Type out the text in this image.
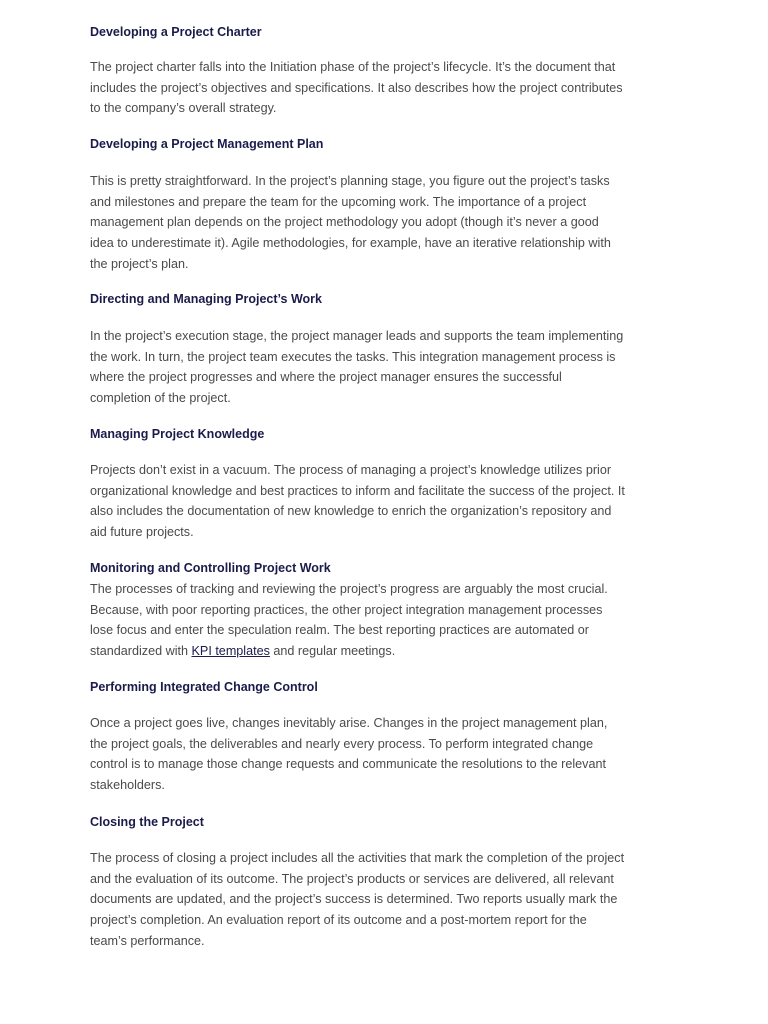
Developing a Project Charter

The project charter falls into the Initiation phase of the project’s lifecycle. It’s the document that
includes the project’s objectives and specifications. It also describes how the project contributes
to the company’s overall strategy.

Developing a Project Management Plan

This is pretty straightforward. In the project’s planning stage, you figure out the project’s tasks
and milestones and prepare the team for the upcoming work. The importance of a project
management plan depends on the project methodology you adopt (though it’s never a good
idea to underestimate it). Agile methodologies, for example, have an iterative relationship with
the project’s plan.

Directing and Managing Project’s Work

In the project’s execution stage, the project manager leads and supports the team implementing
the work. In turn, the project team executes the tasks. This integration management process is
where the project progresses and where the project manager ensures the successful
completion of the project.

Managing Project Knowledge

Projects don’t exist in a vacuum. The process of managing a project’s knowledge utilizes prior
organizational knowledge and best practices to inform and facilitate the success of the project. It
also includes the documentation of new knowledge to enrich the organization’s repository and
aid future projects.

Monitoring and Controlling Project Work

The processes of tracking and reviewing the project’s progress are arguably the most crucial.
Because, with poor reporting practices, the other project integration management processes
lose focus and enter the speculation realm. The best reporting practices are automated or
standardized with KPI templates and regular meetings.

Performing Integrated Change Control

Once a project goes live, changes inevitably arise. Changes in the project management plan,
the project goals, the deliverables and nearly every process. To perform integrated change
control is to manage those change requests and communicate the resolutions to the relevant
stakeholders.

Closing the Project

The process of closing a project includes all the activities that mark the completion of the project
and the evaluation of its outcome. The project’s products or services are delivered, all relevant
documents are updated, and the project’s success is determined. Two reports usually mark the
project’s completion. An evaluation report of its outcome and a post-mortem report for the
team’s performance.
